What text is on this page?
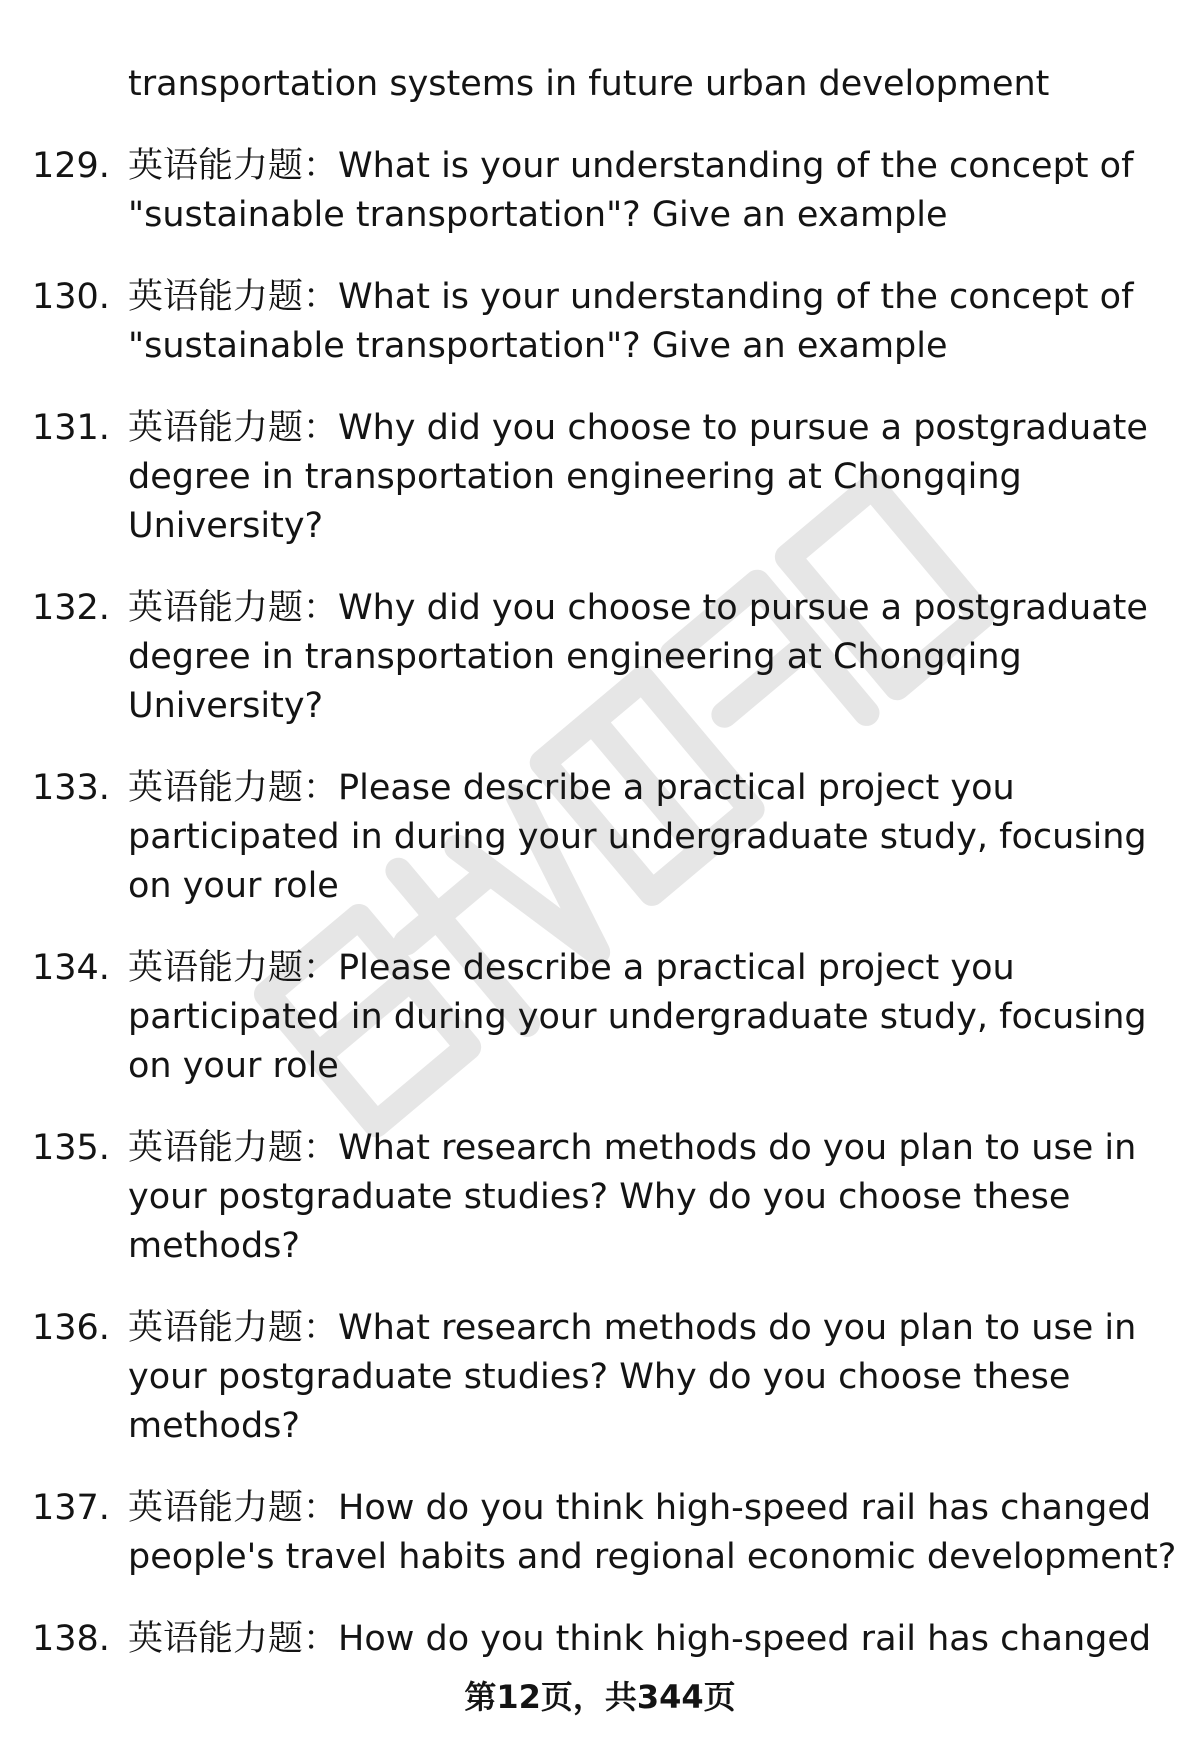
transportation systems in future urban development
129. 英语能力题：What is your understanding of the concept of
"sustainable transportation"? Give an example
130. 英语能力题：What is your understanding of the concept of
"sustainable transportation"? Give an example
131. 英语能力题：Why did you choose to pursue a postgraduate
degree in transportation engineering at Chongqing
University?
132. 英语能力题：Why did you choose to pursue a postgraduate
degree in transportation engineering at Chongqing
University?
133. 英语能力题：Please describe a practical project you
participated in during your undergraduate study, focusing
on your role
134. 英语能力题：Please describe a practical project you
participated in during your undergraduate study, focusing
on your role
135. 英语能力题：What research methods do you plan to use in
your postgraduate studies? Why do you choose these
methods?
136. 英语能力题：What research methods do you plan to use in
your postgraduate studies? Why do you choose these
methods?
137. 英语能力题：How do you think high-speed rail has changed
people's travel habits and regional economic development?
138. 英语能力题：How do you think high-speed rail has changed
第12页，共344页
